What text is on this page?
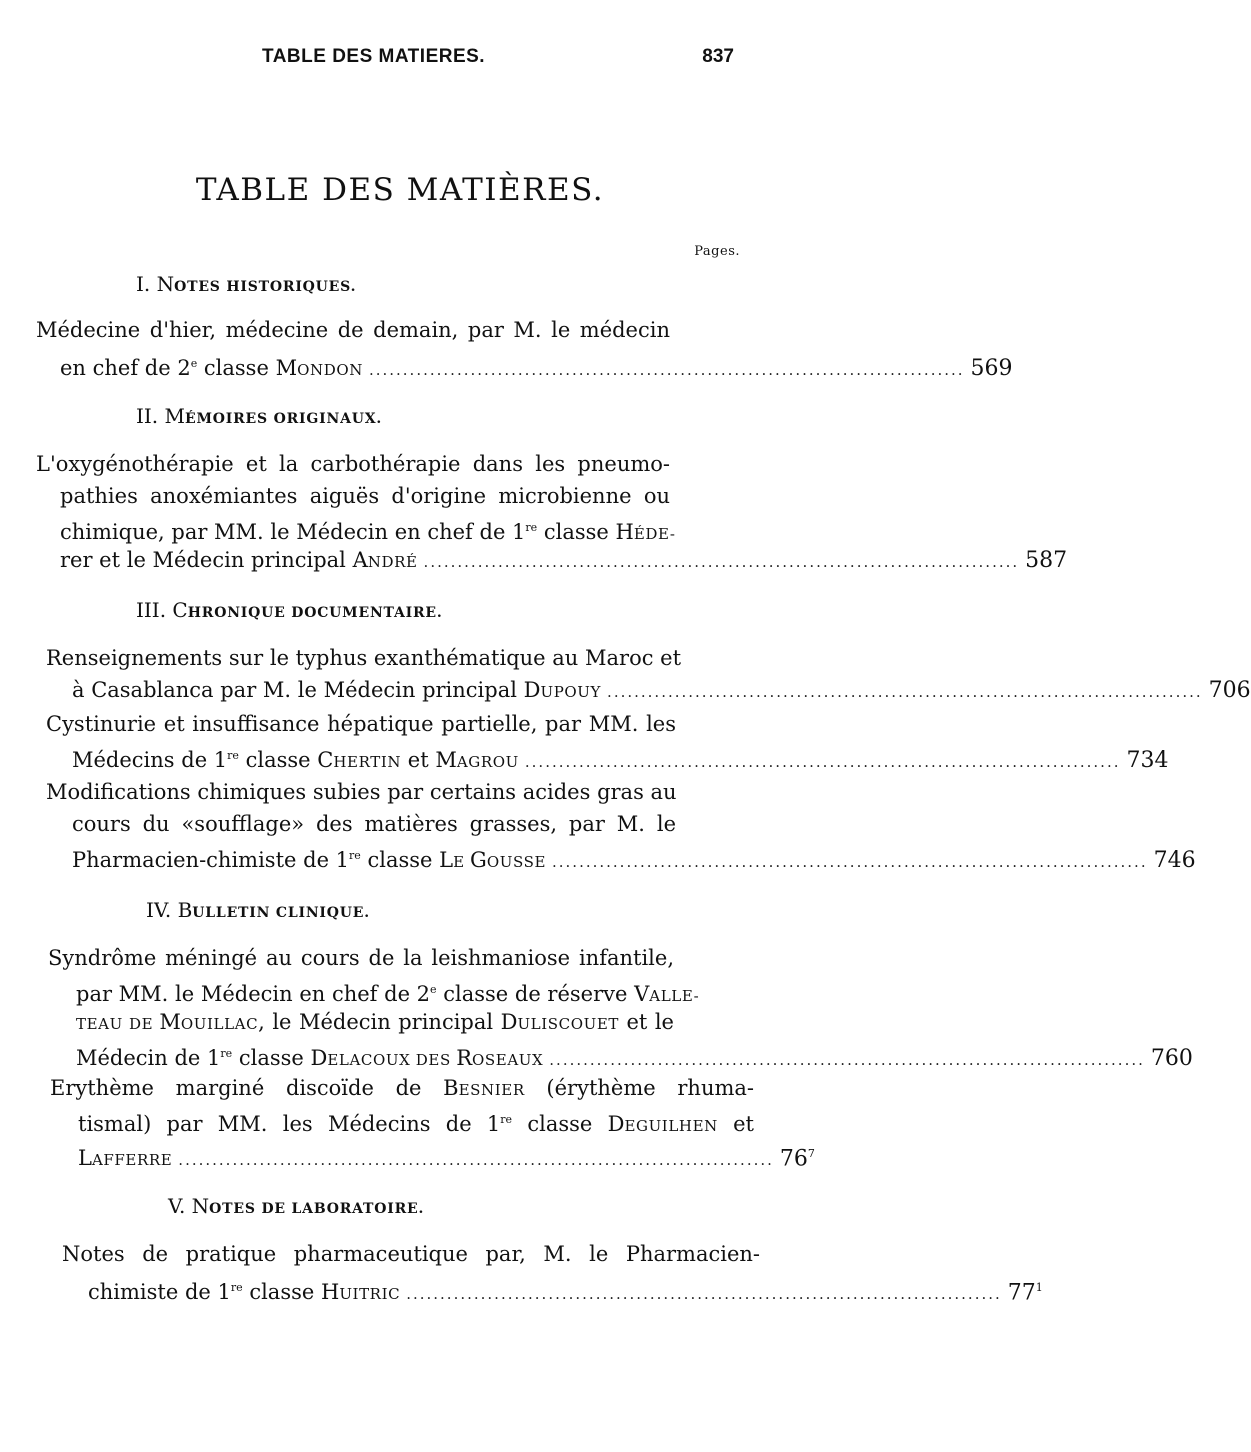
TABLE DES MATIERES.	837
TABLE DES MATIÈRES.
Pages.
I. NOTES HISTORIQUES.
Médecine d'hier, médecine de demain, par M. le médecin
en chef de 2e classe MONDON ........................................................................................ 569
II. MÉMOIRES ORIGINAUX.
L'oxygénothérapie et la carbothérapie dans les pneumo-
pathies anoxémiantes aiguës d'origine microbienne ou
chimique, par MM. le Médecin en chef de 1re classe HÉDE-
rer et le Médecin principal ANDRÉ ........................................................................................ 587
III. CHRONIQUE DOCUMENTAIRE.
Renseignements sur le typhus exanthématique au Maroc et
à Casablanca par M. le Médecin principal DUPOUY ........................................................................................ 706
Cystinurie et insuffisance hépatique partielle, par MM. les
Médecins de 1re classe CHERTIN et MAGROU ........................................................................................ 734
Modifications chimiques subies par certains acides gras au
cours du «soufflage» des matières grasses, par M. le
Pharmacien-chimiste de 1re classe LE GOUSSE ........................................................................................ 746
IV. BULLETIN CLINIQUE.
Syndrôme méningé au cours de la leishmaniose infantile,
par MM. le Médecin en chef de 2e classe de réserve VALLE-
TEAU DE MOUILLAC, le Médecin principal DULISCOUET et le
Médecin de 1re classe DELACOUX DES ROSEAUX ........................................................................................ 760
Erythème marginé discoïde de BESNIER (érythème rhuma-
tismal) par MM. les Médecins de 1re classe DEGUILHEN et
LAFFERRE ........................................................................................ $76^7$
V. NOTES DE LABORATOIRE.
Notes de pratique pharmaceutique par, M. le Pharmacien-
chimiste de 1re classe HUITRIC ........................................................................................ $77^1$
